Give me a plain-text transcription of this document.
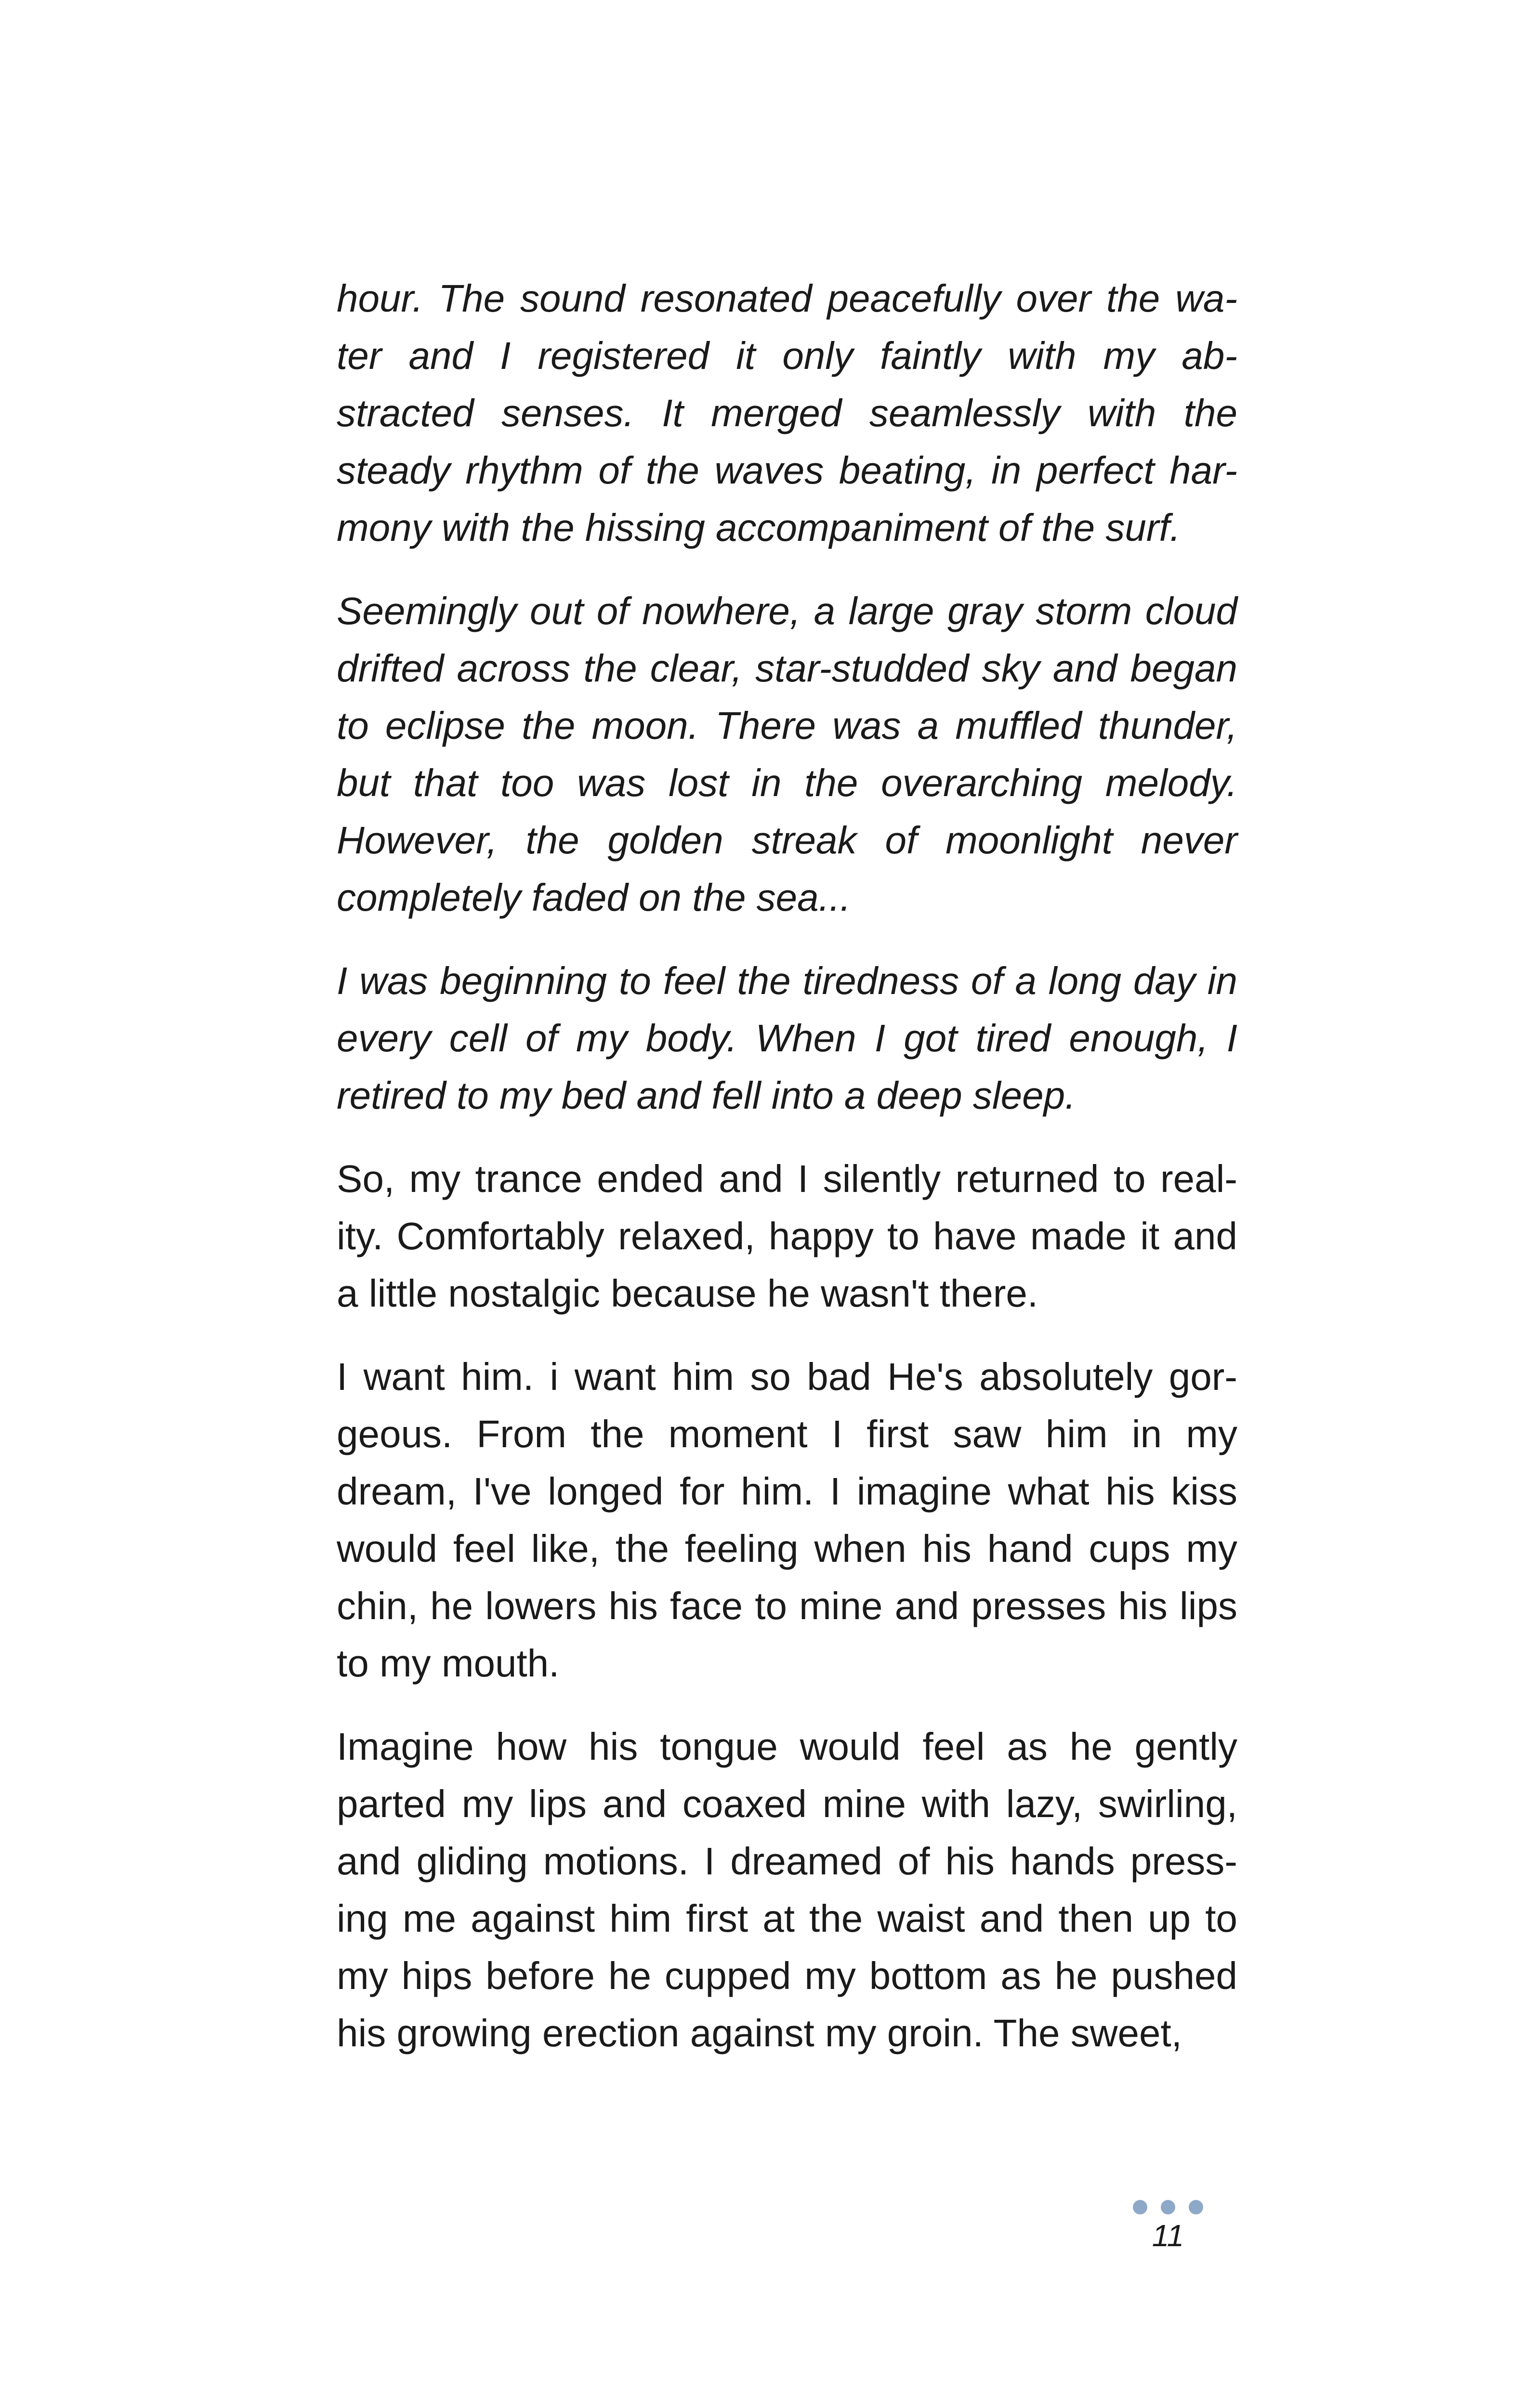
hour. The sound resonated peacefully over the wa- ter and I registered it only faintly with my ab- stracted senses. It merged seamlessly with the steady rhythm of the waves beating, in perfect har- mony with the hissing accompaniment of the surf.

Seemingly out of nowhere, a large gray storm cloud drifted across the clear, star-studded sky and began to eclipse the moon. There was a muffled thunder, but that too was lost in the overarching melody. However, the golden streak of moonlight never completely faded on the sea...

I was beginning to feel the tiredness of a long day in every cell of my body. When I got tired enough, I retired to my bed and fell into a deep sleep.

So, my trance ended and I silently returned to real- ity. Comfortably relaxed, happy to have made it and a little nostalgic because he wasn't there.

I want him. i want him so bad He's absolutely gor- geous. From the moment I first saw him in my dream, I've longed for him. I imagine what his kiss would feel like, the feeling when his hand cups my chin, he lowers his face to mine and presses his lips to my mouth.

Imagine how his tongue would feel as he gently parted my lips and coaxed mine with lazy, swirling, and gliding motions. I dreamed of his hands press- ing me against him first at the waist and then up to my hips before he cupped my bottom as he pushed his growing erection against my groin. The sweet,

11
